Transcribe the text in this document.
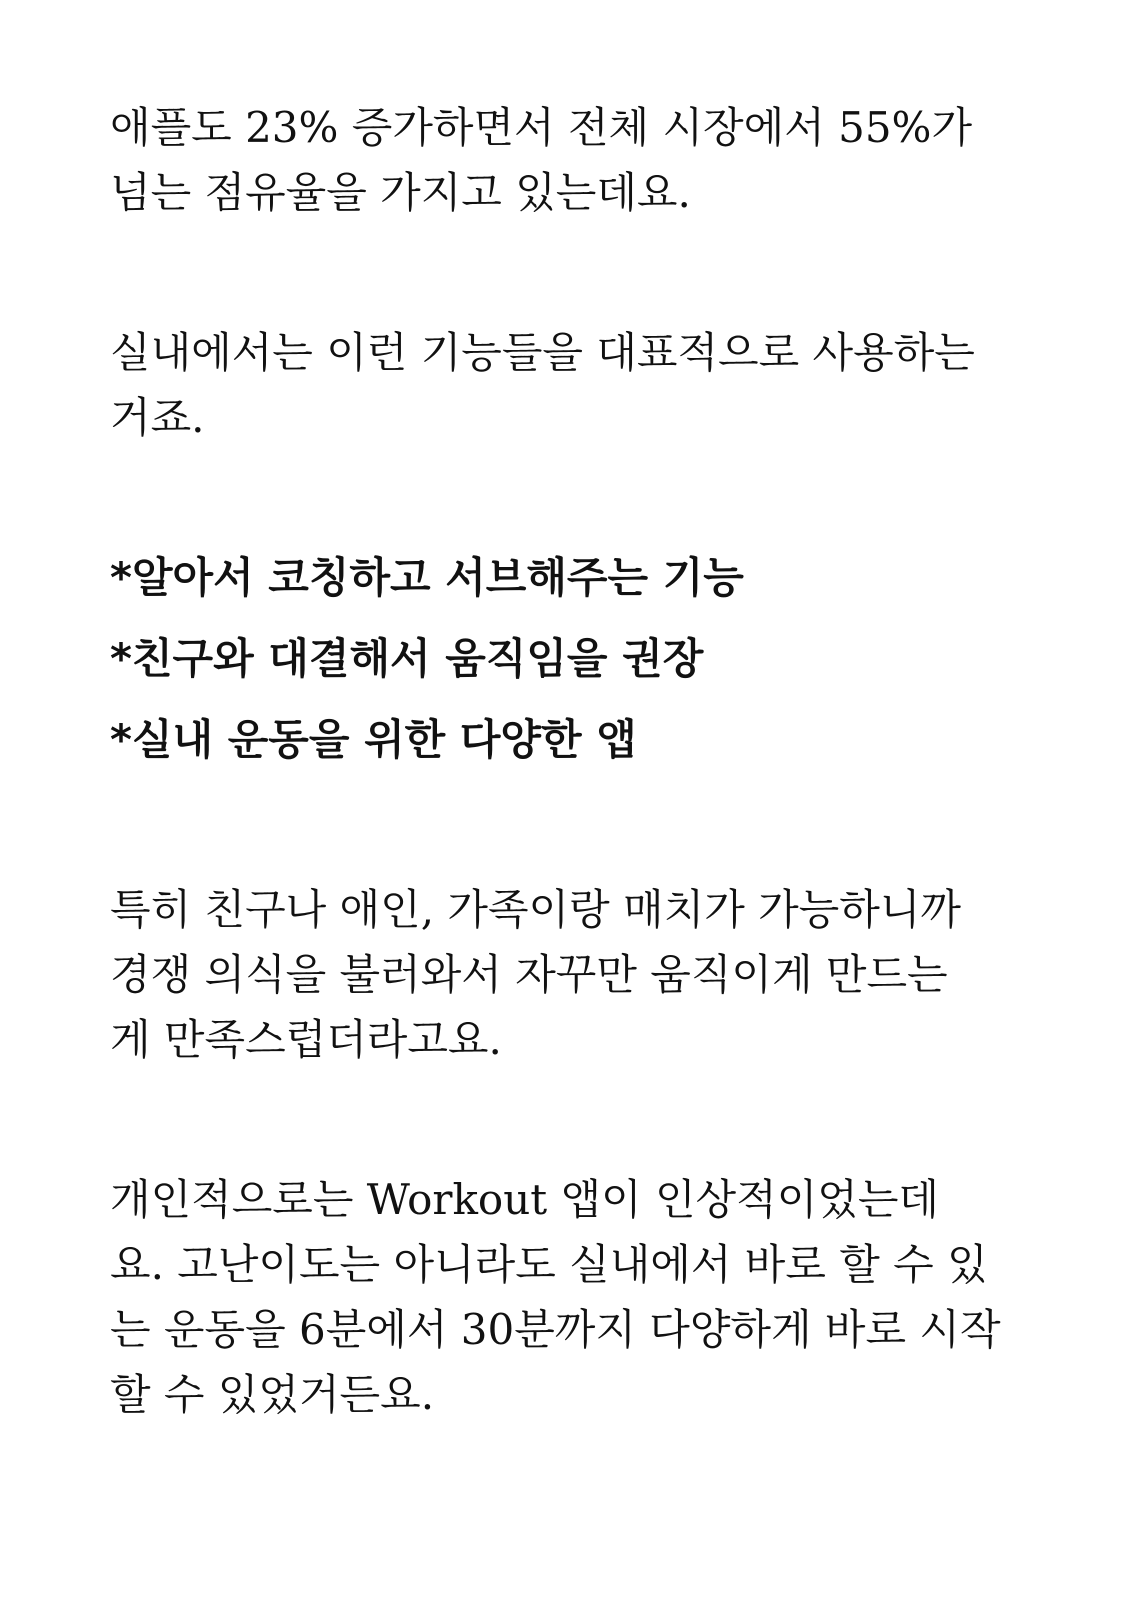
애플도 23% 증가하면서 전체 시장에서 55%가
넘는 점유율을 가지고 있는데요.
실내에서는 이런 기능들을 대표적으로 사용하는
거죠.
*알아서 코칭하고 서브해주는 기능
*친구와 대결해서 움직임을 권장
*실내 운동을 위한 다양한 앱
특히 친구나 애인, 가족이랑 매치가 가능하니까
경쟁 의식을 불러와서 자꾸만 움직이게 만드는
게 만족스럽더라고요.
개인적으로는 Workout 앱이 인상적이었는데
요. 고난이도는 아니라도 실내에서 바로 할 수 있
는 운동을 6분에서 30분까지 다양하게 바로 시작
할 수 있었거든요.
